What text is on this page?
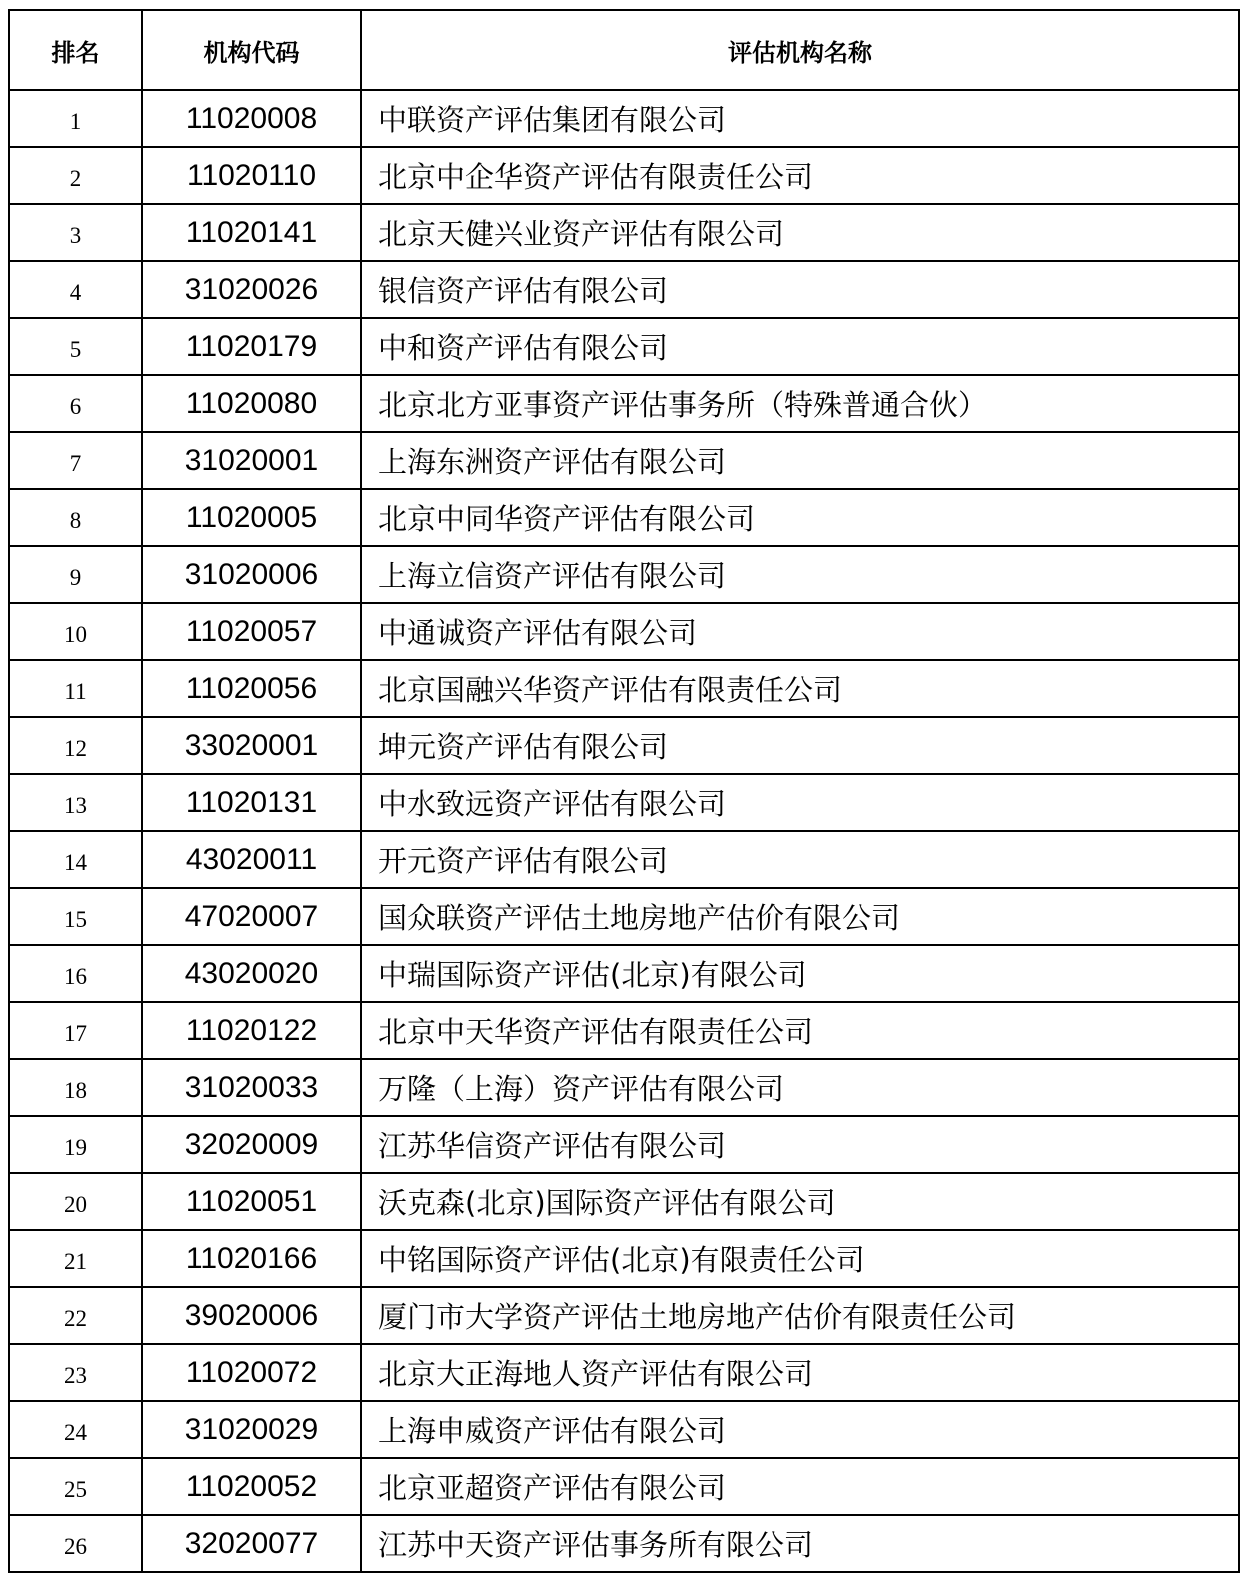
排名	机构代码	评估机构名称
1	11020008	中联资产评估集团有限公司
2	11020110	北京中企华资产评估有限责任公司
3	11020141	北京天健兴业资产评估有限公司
4	31020026	银信资产评估有限公司
5	11020179	中和资产评估有限公司
6	11020080	北京北方亚事资产评估事务所（特殊普通合伙）
7	31020001	上海东洲资产评估有限公司
8	11020005	北京中同华资产评估有限公司
9	31020006	上海立信资产评估有限公司
10	11020057	中通诚资产评估有限公司
11	11020056	北京国融兴华资产评估有限责任公司
12	33020001	坤元资产评估有限公司
13	11020131	中水致远资产评估有限公司
14	43020011	开元资产评估有限公司
15	47020007	国众联资产评估土地房地产估价有限公司
16	43020020	中瑞国际资产评估(北京)有限公司
17	11020122	北京中天华资产评估有限责任公司
18	31020033	万隆（上海）资产评估有限公司
19	32020009	江苏华信资产评估有限公司
20	11020051	沃克森(北京)国际资产评估有限公司
21	11020166	中铭国际资产评估(北京)有限责任公司
22	39020006	厦门市大学资产评估土地房地产估价有限责任公司
23	11020072	北京大正海地人资产评估有限公司
24	31020029	上海申威资产评估有限公司
25	11020052	北京亚超资产评估有限公司
26	32020077	江苏中天资产评估事务所有限公司
